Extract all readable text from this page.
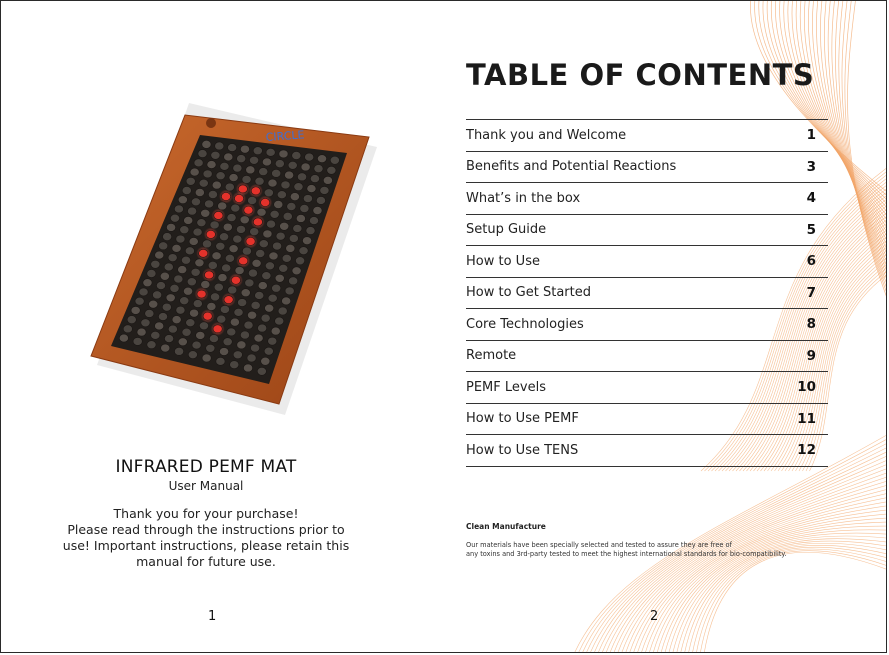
CIRCLE
INFRARED PEMF MAT
User Manual

Thank you for your purchase!

Please read through the instructions prior to

use! Important instructions, please retain this

manual for future use.

1
TABLE OF CONTENTS
Thank you and Welcome	1
Benefits and Potential Reactions	3
What’s in the box	4
Setup Guide	5
How to Use	6
How to Get Started	7
Core Technologies	8
Remote	9
PEMF Levels	10
How to Use PEMF	11
How to Use TENS	12
Clean Manufacture

Our materials have been specially selected and tested to assure they are free of

any toxins and 3rd-party tested to meet the highest international standards for bio-compatibility.

2
